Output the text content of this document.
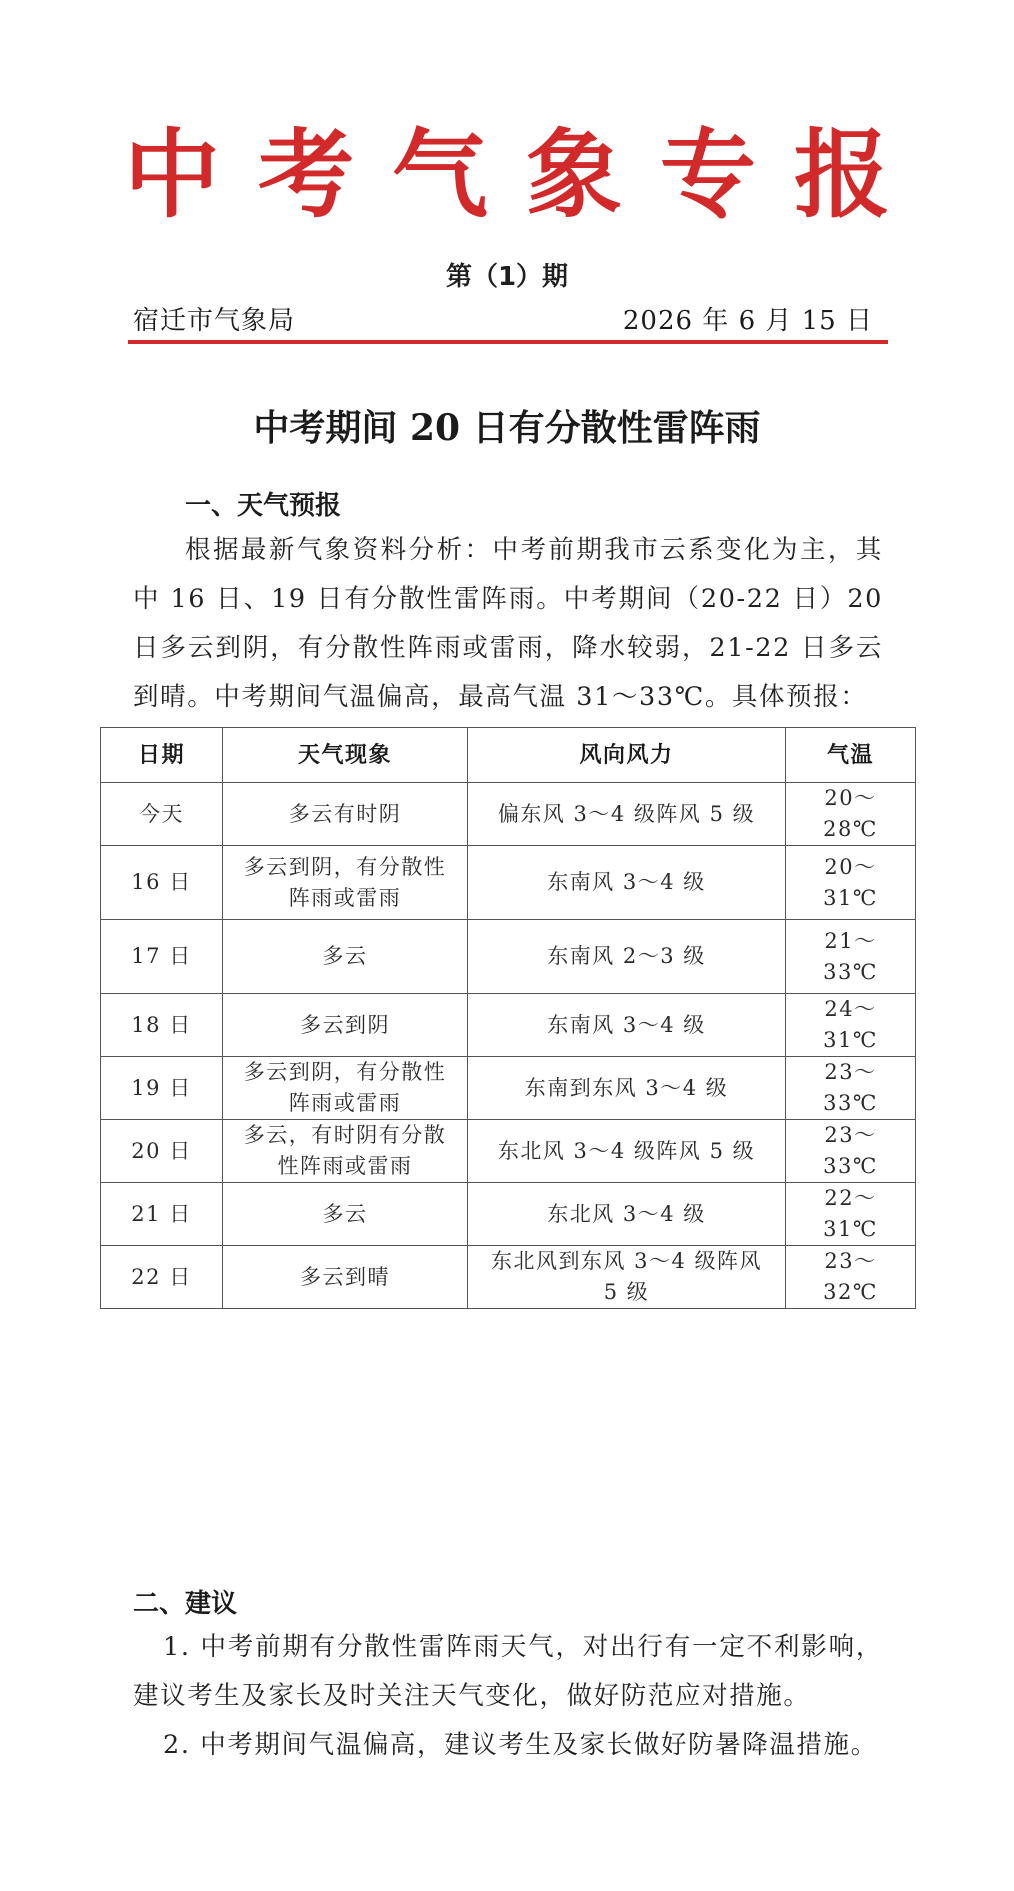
中考气象专报
第（1）期
宿迁市气象局	2026 年 6 月 15 日
中考期间 20 日有分散性雷阵雨
一、天气预报
根据最新气象资料分析：中考前期我市云系变化为主，其中 16 日、19 日有分散性雷阵雨。中考期间（20-22 日）20 日多云到阴，有分散性阵雨或雷雨，降水较弱，21-22 日多云到晴。中考期间气温偏高，最高气温 31～33℃。具体预报：
日期	天气现象	风向风力	气温
今天	多云有时阴	偏东风 3～4 级阵风 5 级	20～28℃
16 日	多云到阴，有分散性阵雨或雷雨	东南风 3～4 级	20～31℃
17 日	多云	东南风 2～3 级	21～33℃
18 日	多云到阴	东南风 3～4 级	24～31℃
19 日	多云到阴，有分散性阵雨或雷雨	东南到东风 3～4 级	23～33℃
20 日	多云，有时阴有分散性阵雨或雷雨	东北风 3～4 级阵风 5 级	23～33℃
21 日	多云	东北风 3～4 级	22～31℃
22 日	多云到晴	东北风到东风 3～4 级阵风 5 级	23～32℃
二、建议
1. 中考前期有分散性雷阵雨天气，对出行有一定不利影响，建议考生及家长及时关注天气变化，做好防范应对措施。
2. 中考期间气温偏高，建议考生及家长做好防暑降温措施。
